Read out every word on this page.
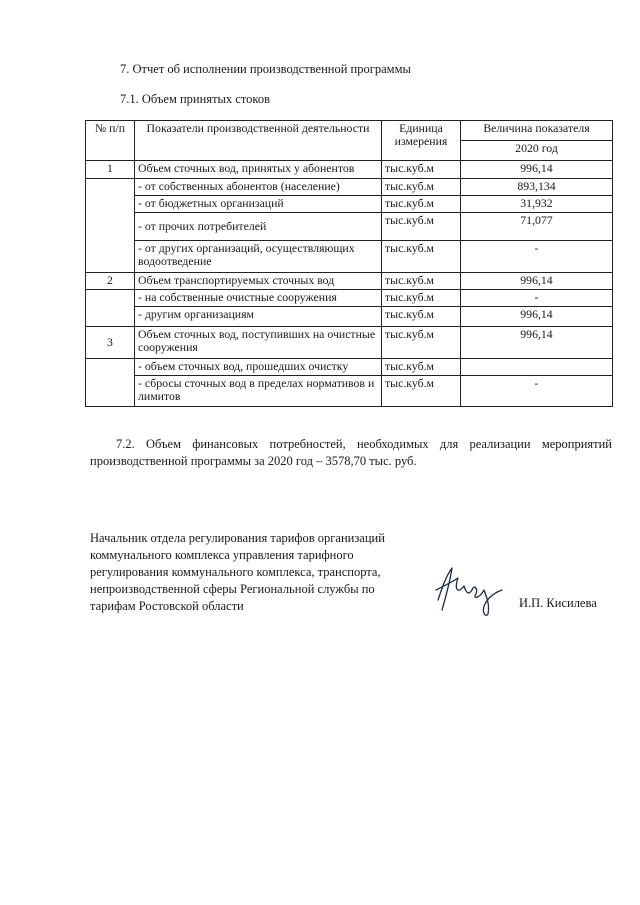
7. Отчет об исполнении производственной программы
7.1. Объем принятых стоков
№ п/п	Показатели производственной деятельности	Единица измерения	Величина показателя
			2020 год
1	Объем сточных вод, принятых у абонентов	тыс.куб.м	996,14
	- от собственных абонентов (население)	тыс.куб.м	893,134
	- от бюджетных организаций	тыс.куб.м	31,932
	- от прочих потребителей	тыс.куб.м	71,077
	- от других организаций, осуществляющих водоотведение	тыс.куб.м	-
2	Объем транспортируемых сточных вод	тыс.куб.м	996,14
	- на собственные очистные сооружения	тыс.куб.м	-
	- другим организациям	тыс.куб.м	996,14
3	Объем сточных вод, поступивших на очистные сооружения	тыс.куб.м	996,14
	- объем сточных вод, прошедших очистку	тыс.куб.м	
	- сбросы сточных вод в пределах нормативов и лимитов	тыс.куб.м	-
7.2. Объем финансовых потребностей, необходимых для реализации мероприятий производственной программы за 2020 год – 3578,70 тыс. руб.
Начальник отдела регулирования тарифов организаций
коммунального комплекса управления тарифного
регулирования коммунального комплекса, транспорта,
непроизводственной сферы Региональной службы по
тарифам Ростовской области	И.П. Кисилева
